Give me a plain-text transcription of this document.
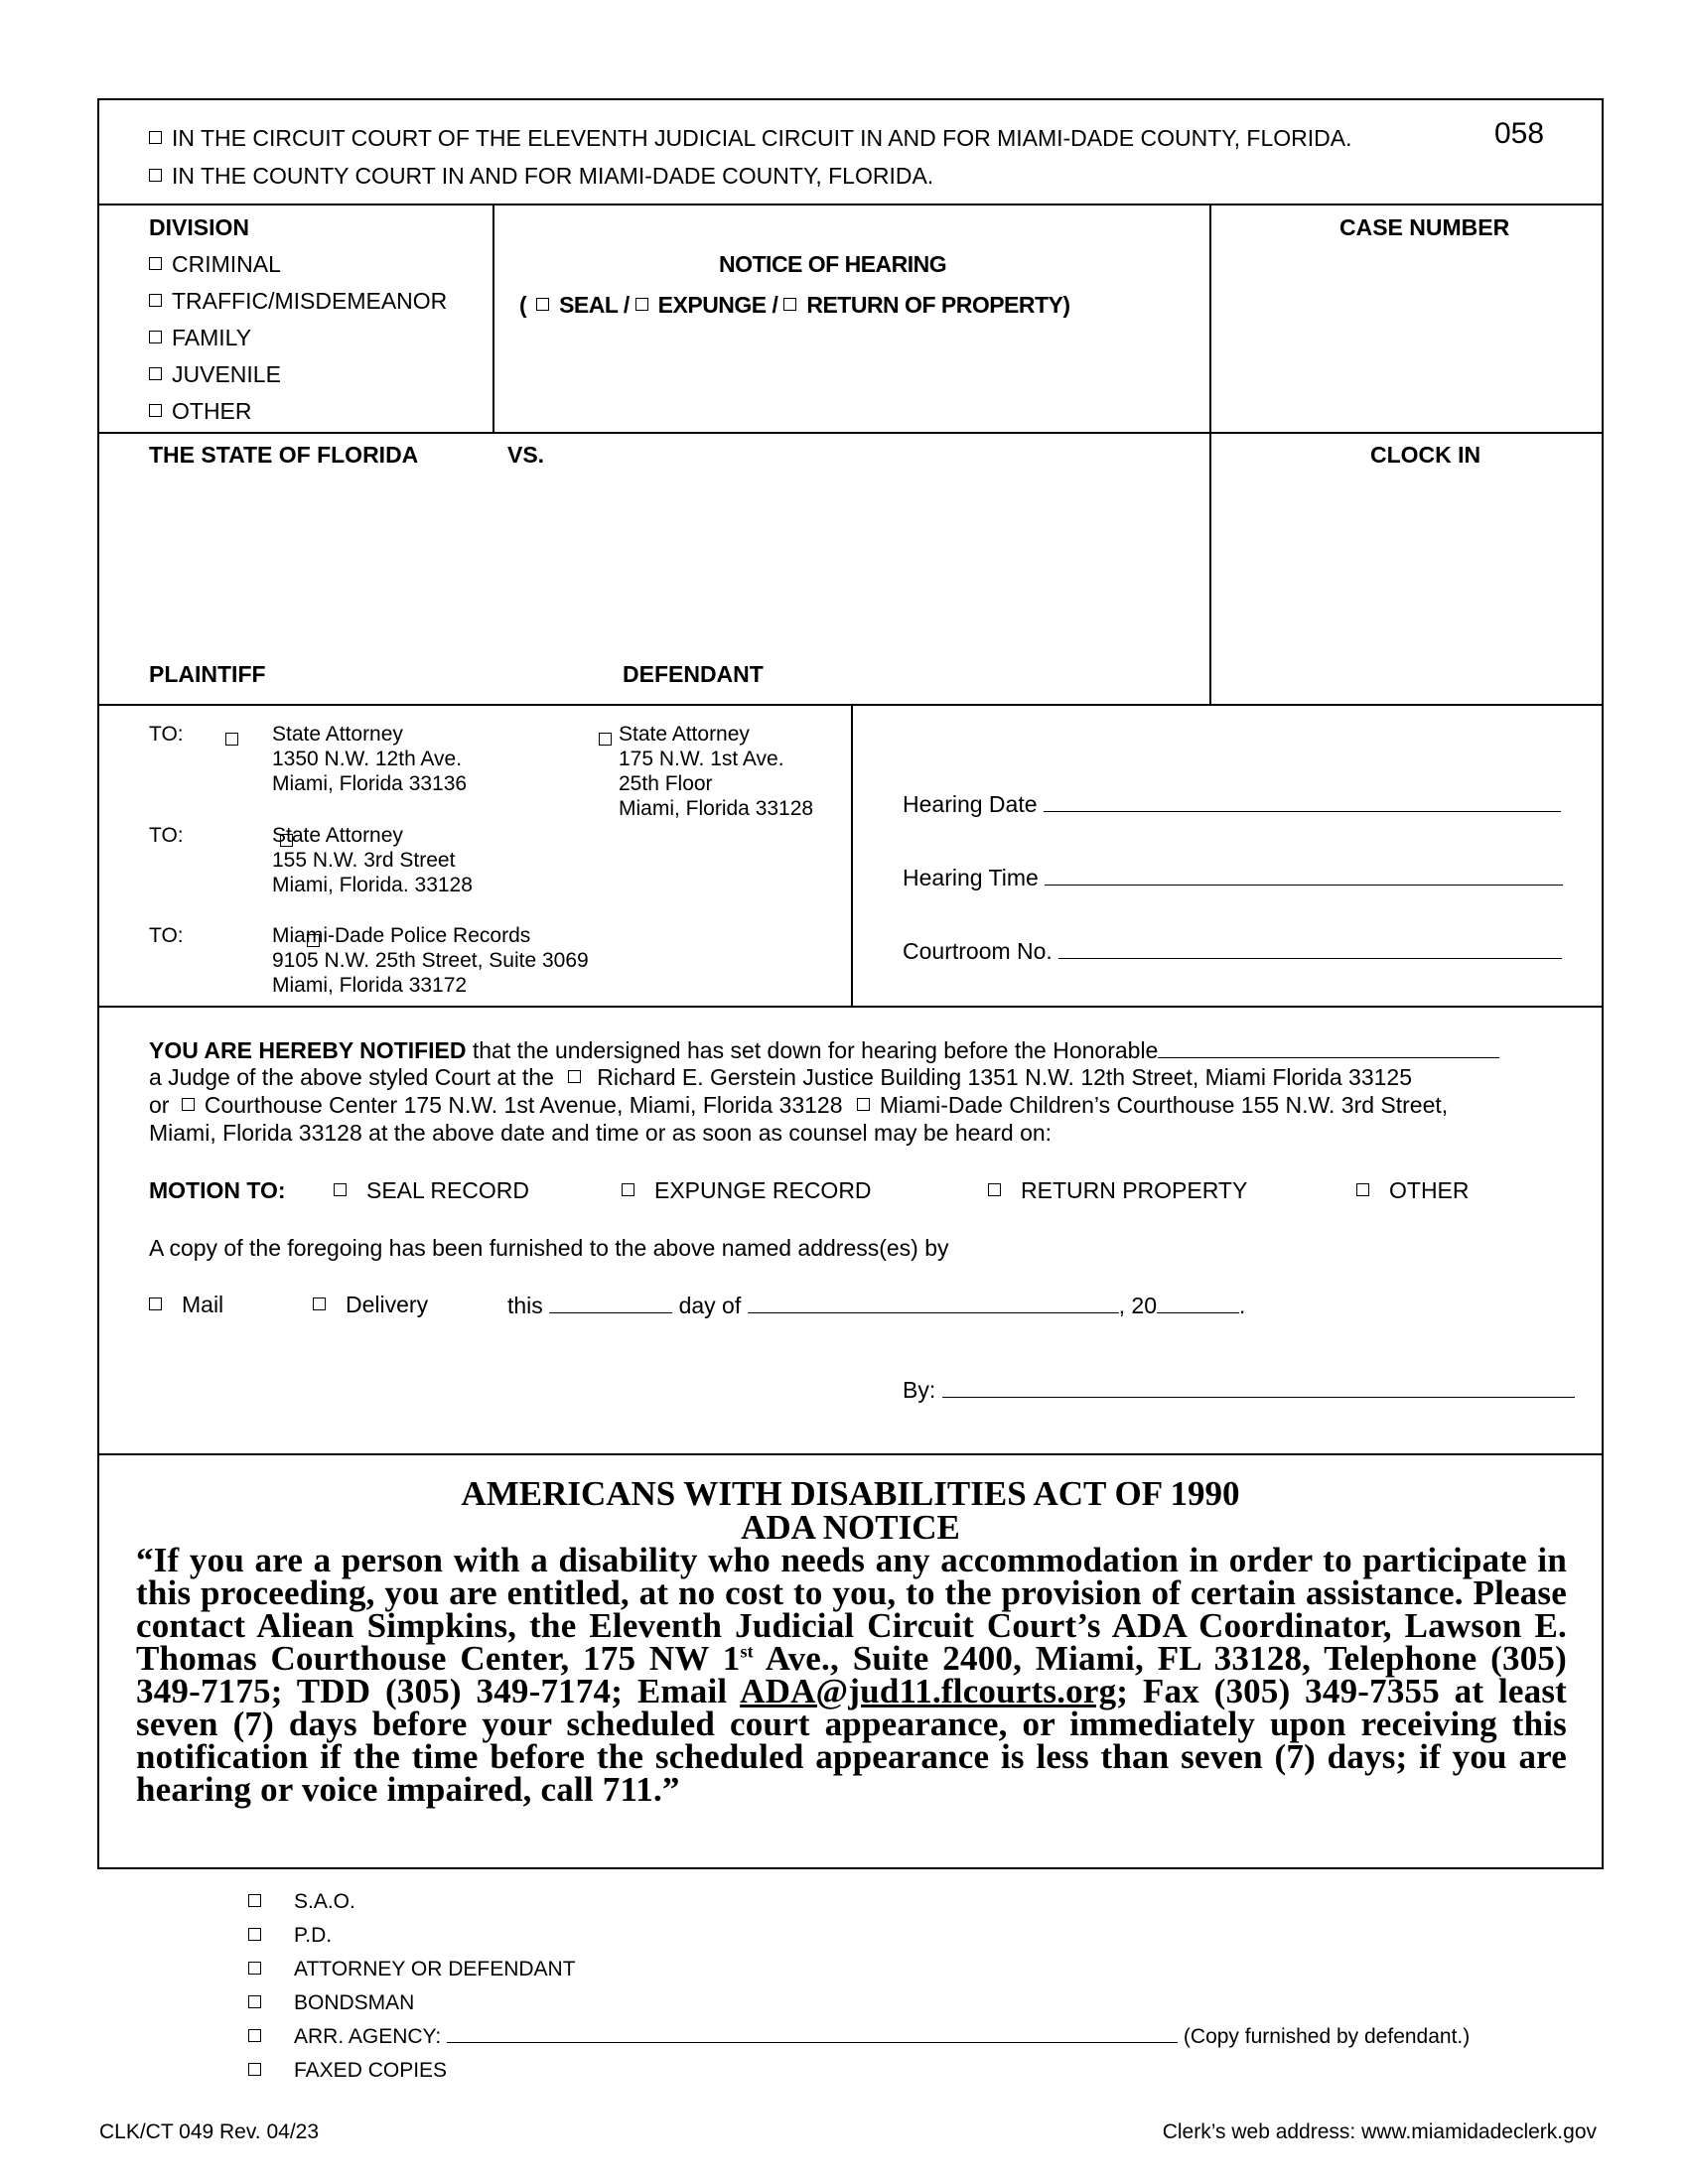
IN THE CIRCUIT COURT OF THE ELEVENTH JUDICIAL CIRCUIT IN AND FOR MIAMI-DADE COUNTY, FLORIDA.
IN THE COUNTY COURT IN AND FOR MIAMI-DADE COUNTY, FLORIDA.
058
DIVISION
CRIMINAL
TRAFFIC/MISDEMEANOR
FAMILY
JUVENILE
OTHER
NOTICE OF HEARING
( SEAL / EXPUNGE / RETURN OF PROPERTY)
CASE NUMBER
THE STATE OF FLORIDA	VS.	CLOCK IN
PLAINTIFF	DEFENDANT
TO:
	State Attorney
1350 N.W. 12th Ave.
Miami, Florida 33136

State Attorney
175 N.W. 1st Ave.
25th Floor
Miami, Florida 33128
TO:
	State Attorney
155 N.W. 3rd Street
Miami, Florida. 33128
TO:	Miami-Dade Police Records
9105 N.W. 25th Street, Suite 3069
Miami, Florida 33172
Hearing Date
Hearing Time
Courtroom No.
YOU ARE HEREBY NOTIFIED that the undersigned has set down for hearing before the Honorable
a Judge of the above styled Court at the Richard E. Gerstein Justice Building 1351 N.W. 12th Street, Miami Florida 33125
or Courthouse Center 175 N.W. 1st Avenue, Miami, Florida 33128 Miami-Dade Children’s Courthouse 155 N.W. 3rd Street,
Miami, Florida 33128 at the above date and time or as soon as counsel may be heard on:
MOTION TO:	SEAL RECORD	EXPUNGE RECORD	RETURN PROPERTY	OTHER
A copy of the foregoing has been furnished to the above named address(es) by
Mail	Delivery	this	day of	, 20	.
By:
AMERICANS WITH DISABILITIES ACT OF 1990
ADA NOTICE
“If you are a person with a disability who needs any accommodation in order to participate in this proceeding, you are entitled, at no cost to you, to the provision of certain assistance. Please contact Aliean Simpkins, the Eleventh Judicial Circuit Court’s ADA Coordinator, Lawson E. Thomas Courthouse Center, 175 NW 1st Ave., Suite 2400, Miami, FL 33128, Telephone (305) 349-7175; TDD (305) 349-7174; Email ADA@jud11.flcourts.org; Fax (305) 349-7355 at least seven (7) days before your scheduled court appearance, or immediately upon receiving this notification if the time before the scheduled appearance is less than seven (7) days; if you are hearing or voice impaired, call 711.”
S.A.O.
P.D.
ATTORNEY OR DEFENDANT
BONDSMAN
ARR. AGENCY:	(Copy furnished by defendant.)
FAXED COPIES
CLK/CT 049 Rev. 04/23	Clerk’s web address: www.miamidadeclerk.gov
